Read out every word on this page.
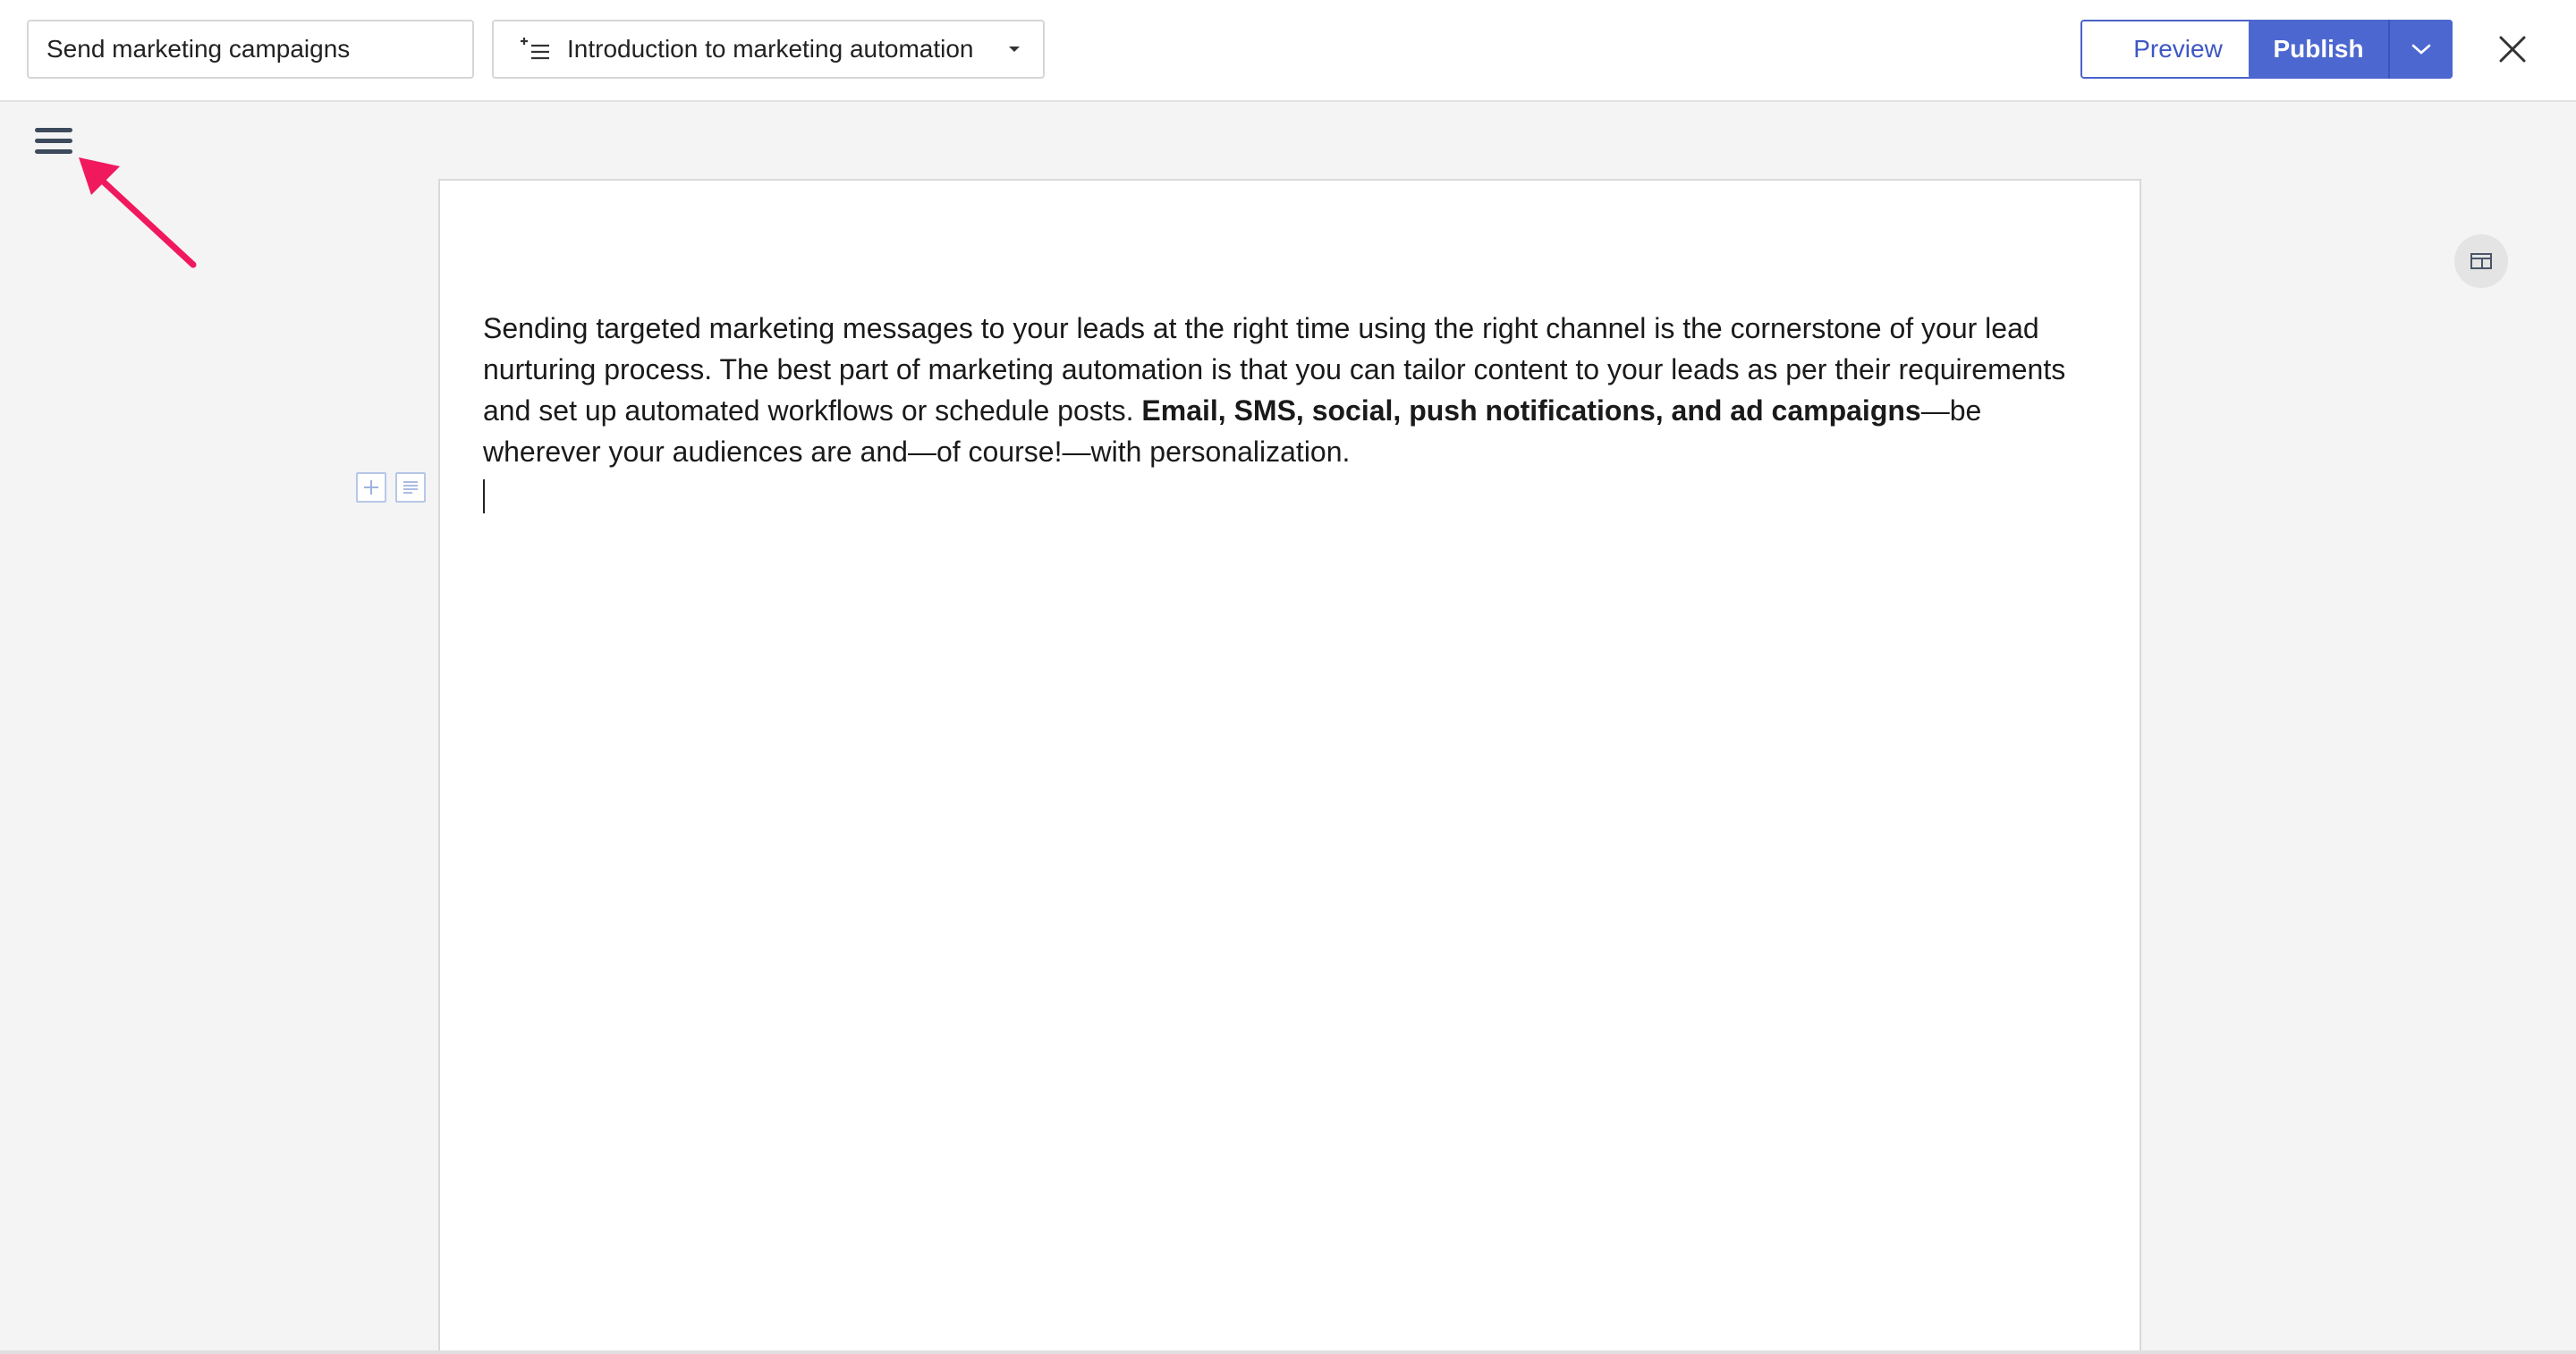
Send marketing campaigns
Introduction to marketing automation	Preview	Publish

Sending targeted marketing messages to your leads at the right time using the right channel is the cornerstone of your lead nurturing process. The best part of marketing automation is that you can tailor content to your leads as per their requirements and set up automated workflows or schedule posts. Email, SMS, social, push notifications, and ad campaigns—be wherever your audiences are and—of course!—with personalization.
